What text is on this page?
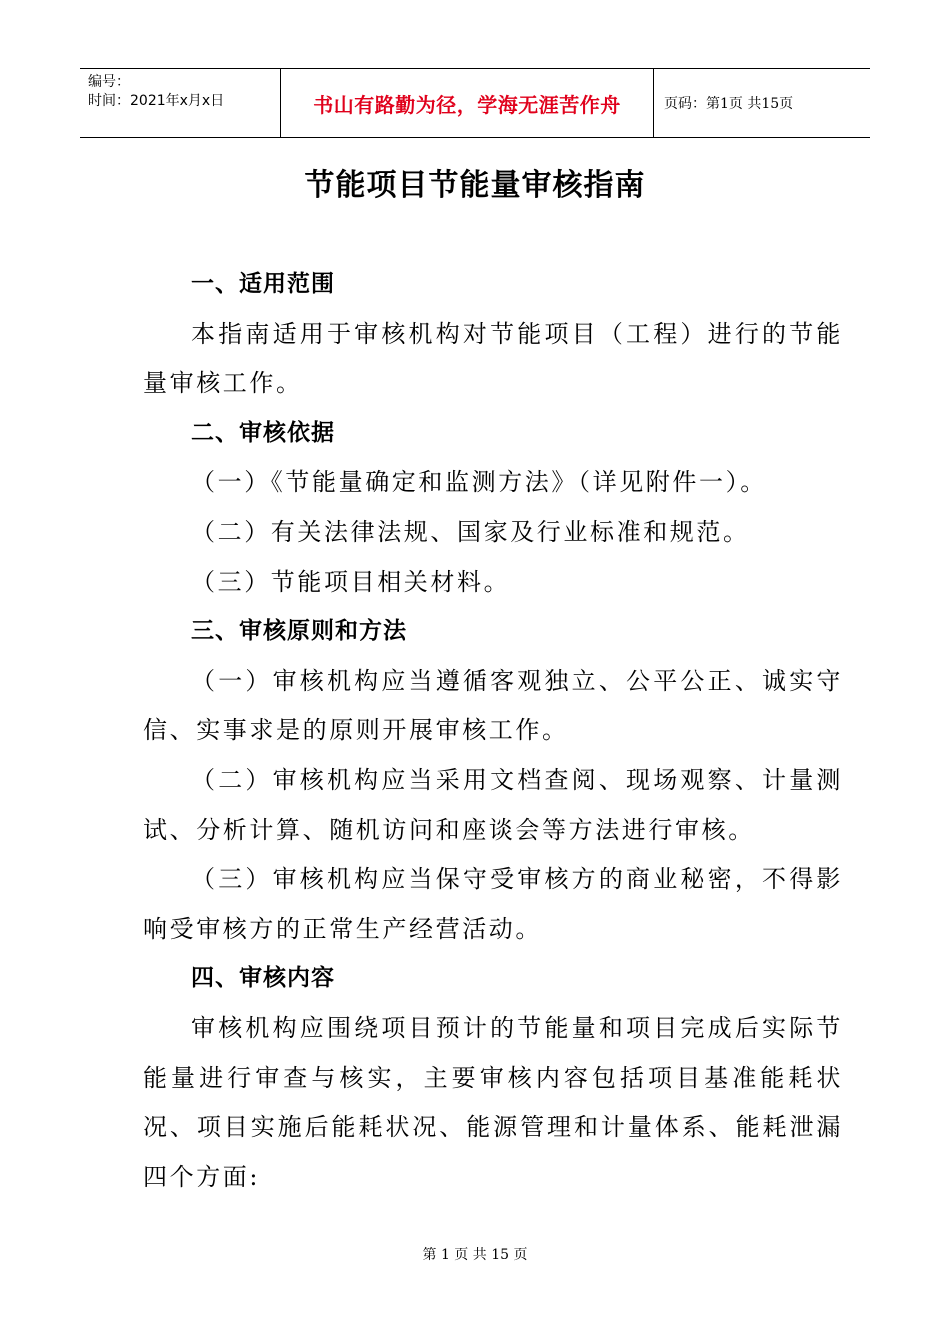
编号：
时间：2021年x月x日	书山有路勤为径，学海无涯苦作舟	页码：第1页 共15页
节能项目节能量审核指南

一、适用范围

本指南适用于审核机构对节能项目（工程）进行的节能量审核工作。

二、审核依据

（一）《节能量确定和监测方法》（详见附件一）。

（二）有关法律法规、国家及行业标准和规范。

（三）节能项目相关材料。

三、审核原则和方法

（一）审核机构应当遵循客观独立、公平公正、诚实守信、实事求是的原则开展审核工作。

（二）审核机构应当采用文档查阅、现场观察、计量测试、分析计算、随机访问和座谈会等方法进行审核。

（三）审核机构应当保守受审核方的商业秘密，不得影响受审核方的正常生产经营活动。

四、审核内容

审核机构应围绕项目预计的节能量和项目完成后实际节能量进行审查与核实，主要审核内容包括项目基准能耗状况、项目实施后能耗状况、能源管理和计量体系、能耗泄漏四个方面:

第 1 页 共 15 页
